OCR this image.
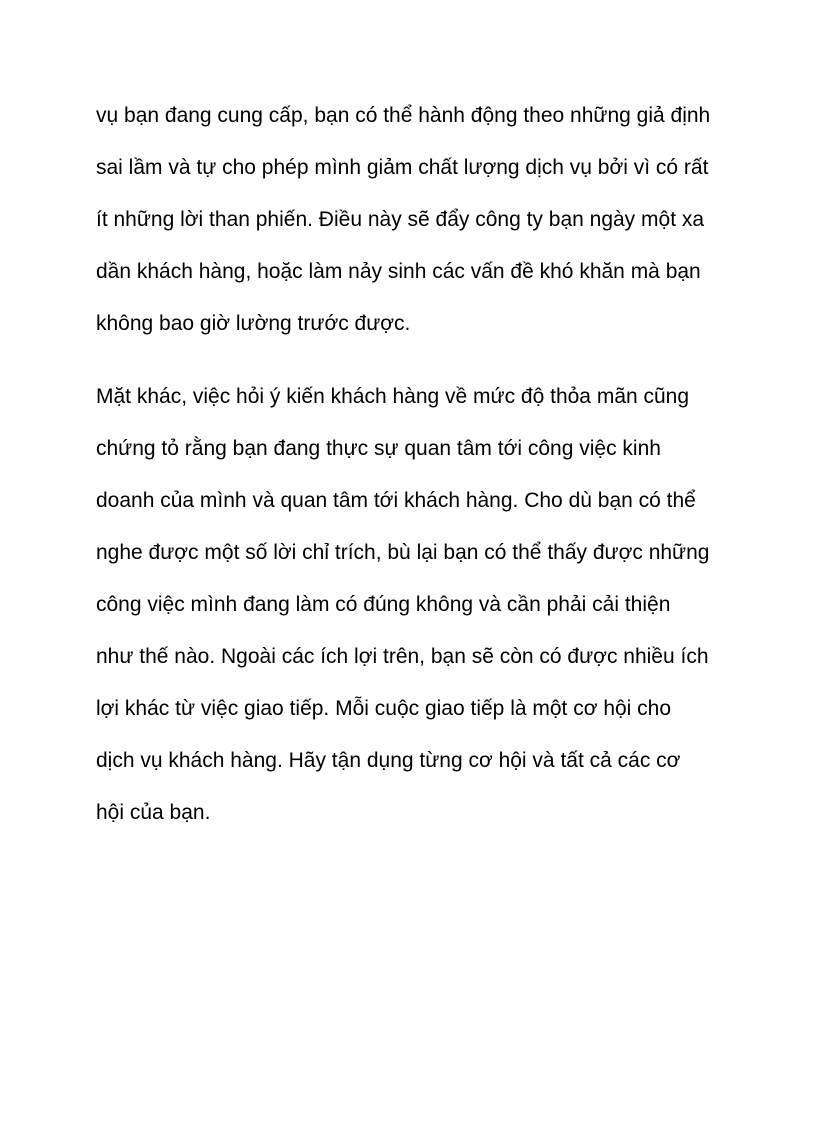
vụ bạn đang cung cấp, bạn có thể hành động theo những giả định

sai lầm và tự cho phép mình giảm chất lượng dịch vụ bởi vì có rất

ít những lời than phiến. Điều này sẽ đẩy công ty bạn ngày một xa

dần khách hàng, hoặc làm nảy sinh các vấn đề khó khăn mà bạn

không bao giờ lường trước được.

Mặt khác, việc hỏi ý kiến khách hàng về mức độ thỏa mãn cũng

chứng tỏ rằng bạn đang thực sự quan tâm tới công việc kinh

doanh của mình và quan tâm tới khách hàng. Cho dù bạn có thể

nghe được một số lời chỉ trích, bù lại bạn có thể thấy được những

công việc mình đang làm có đúng không và cần phải cải thiện

như thế nào. Ngoài các ích lợi trên, bạn sẽ còn có được nhiều ích

lợi khác từ việc giao tiếp. Mỗi cuộc giao tiếp là một cơ hội cho

dịch vụ khách hàng. Hãy tận dụng từng cơ hội và tất cả các cơ

hội của bạn.
